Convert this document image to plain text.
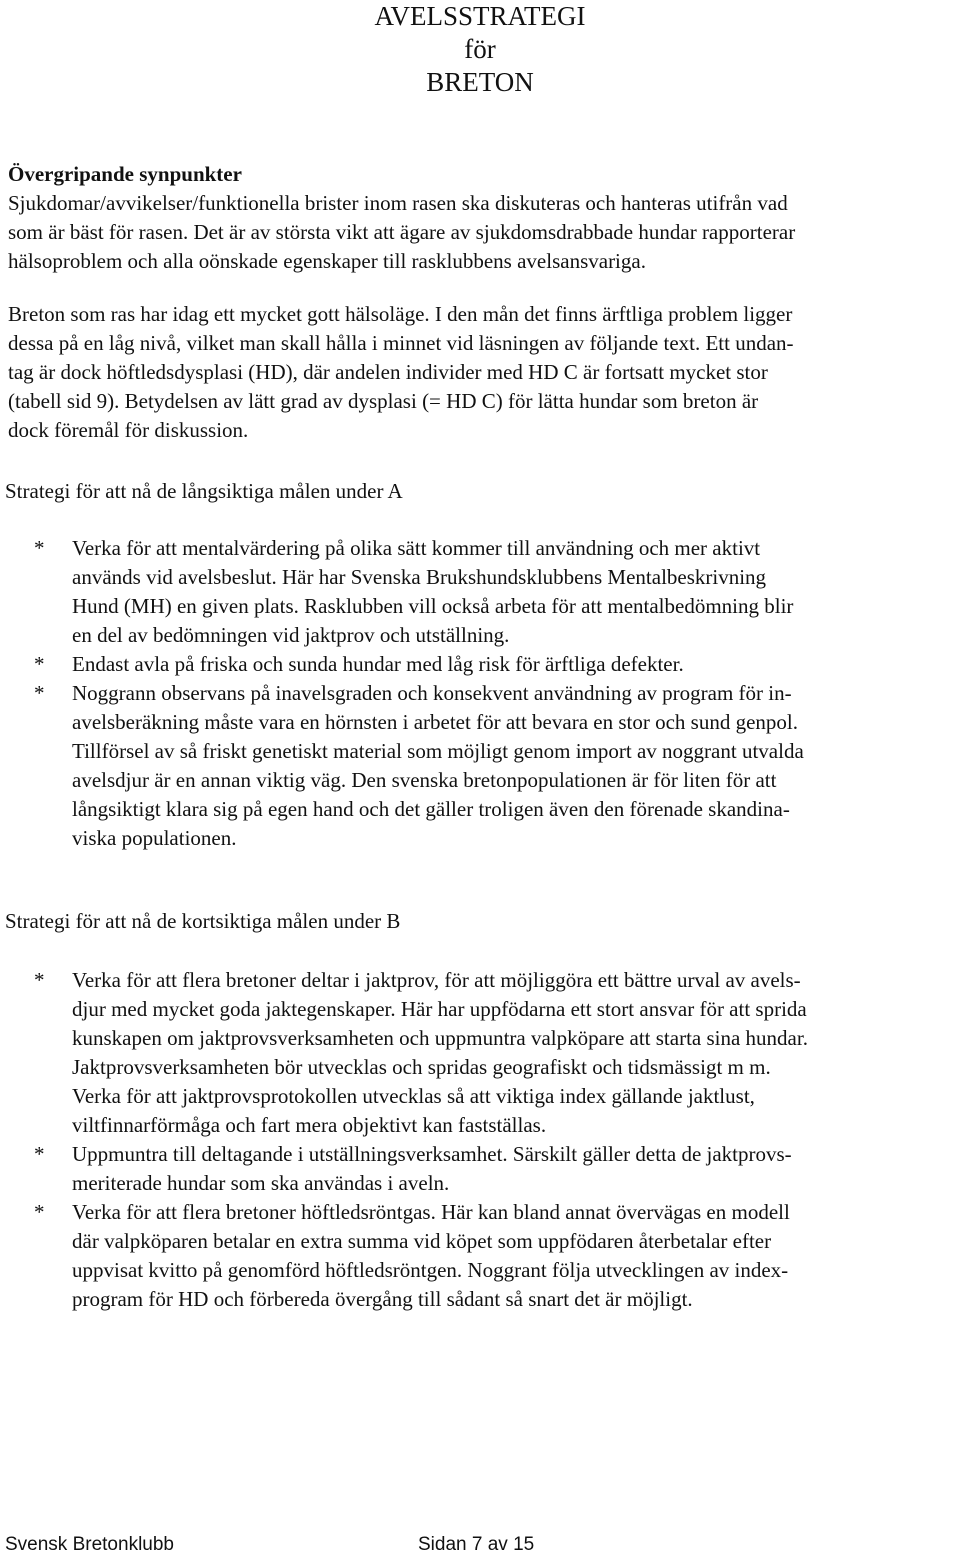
AVELSSTRATEGI
för
BRETON
Övergripande synpunkter
Sjukdomar/avvikelser/funktionella brister inom rasen ska diskuteras och hanteras utifrån vad
som är bäst för rasen. Det är av största vikt att ägare av sjukdomsdrabbade hundar rapporterar
hälsoproblem och alla oönskade egenskaper till rasklubbens avelsansvariga.
Breton som ras har idag ett mycket gott hälsoläge. I den mån det finns ärftliga problem ligger
dessa på en låg nivå, vilket man skall hålla i minnet vid läsningen av följande text. Ett undan-
tag är dock höftledsdysplasi (HD), där andelen individer med HD C är fortsatt mycket stor
(tabell sid 9). Betydelsen av lätt grad av dysplasi (= HD C) för lätta hundar som breton är
dock föremål för diskussion.
Strategi för att nå de långsiktiga målen under A
* Verka för att mentalvärdering på olika sätt kommer till användning och mer aktivt
används vid avelsbeslut. Här har Svenska Brukshundsklubbens Mentalbeskrivning
Hund (MH) en given plats. Rasklubben vill också arbeta för att mentalbedömning blir
en del av bedömningen vid jaktprov och utställning.
* Endast avla på friska och sunda hundar med låg risk för ärftliga defekter.
* Noggrann observans på inavelsgraden och konsekvent användning av program för in-
avelsberäkning måste vara en hörnsten i arbetet för att bevara en stor och sund genpol.
Tillförsel av så friskt genetiskt material som möjligt genom import av noggrant utvalda
avelsdjur är en annan viktig väg. Den svenska bretonpopulationen är för liten för att
långsiktigt klara sig på egen hand och det gäller troligen även den förenade skandina-
viska populationen.
Strategi för att nå de kortsiktiga målen under B
* Verka för att flera bretoner deltar i jaktprov, för att möjliggöra ett bättre urval av avels-
djur med mycket goda jaktegenskaper. Här har uppfödarna ett stort ansvar för att sprida
kunskapen om jaktprovsverksamheten och uppmuntra valpköpare att starta sina hundar.
Jaktprovsverksamheten bör utvecklas och spridas geografiskt och tidsmässigt m m.
Verka för att jaktprovsprotokollen utvecklas så att viktiga index gällande jaktlust,
viltfinnarförmåga och fart mera objektivt kan fastställas.
* Uppmuntra till deltagande i utställningsverksamhet. Särskilt gäller detta de jaktprovs-
meriterade hundar som ska användas i aveln.
* Verka för att flera bretoner höftledsröntgas. Här kan bland annat övervägas en modell
där valpköparen betalar en extra summa vid köpet som uppfödaren återbetalar efter
uppvisat kvitto på genomförd höftledsröntgen. Noggrant följa utvecklingen av index-
program för HD och förbereda övergång till sådant så snart det är möjligt.
Svensk Bretonklubb	Sidan 7 av 15
